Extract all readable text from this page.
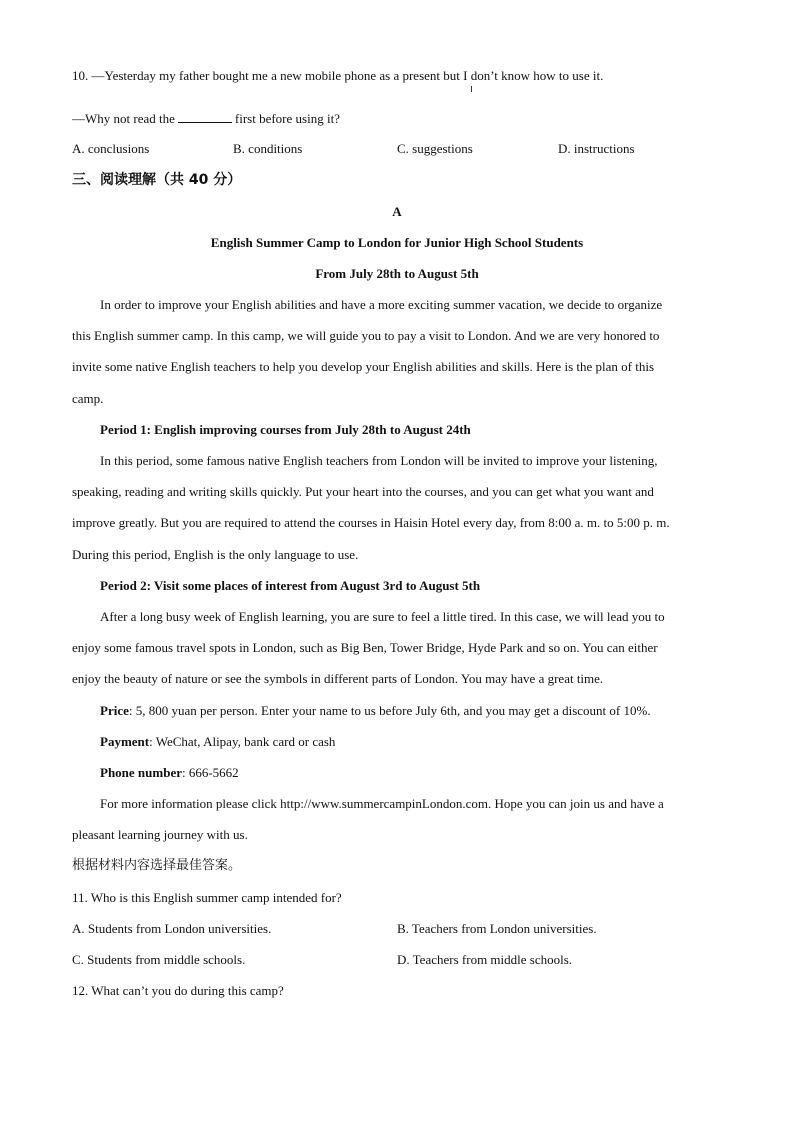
10. —Yesterday my father bought me a new mobile phone as a present but I don’t know how to use it.
—Why not read the	first before using it?
A. conclusions	B. conditions	C. suggestions	D. instructions
三、阅读理解（共 40 分）
A
English Summer Camp to London for Junior High School Students
From July 28th to August 5th
In order to improve your English abilities and have a more exciting summer vacation, we decide to organize
this English summer camp. In this camp, we will guide you to pay a visit to London. And we are very honored to
invite some native English teachers to help you develop your English abilities and skills. Here is the plan of this
camp.
Period 1: English improving courses from July 28th to August 24th
In this period, some famous native English teachers from London will be invited to improve your listening,
speaking, reading and writing skills quickly. Put your heart into the courses, and you can get what you want and
improve greatly. But you are required to attend the courses in Haisin Hotel every day, from 8:00 a. m. to 5:00 p. m.
During this period, English is the only language to use.
Period 2: Visit some places of interest from August 3rd to August 5th
After a long busy week of English learning, you are sure to feel a little tired. In this case, we will lead you to
enjoy some famous travel spots in London, such as Big Ben, Tower Bridge, Hyde Park and so on. You can either
enjoy the beauty of nature or see the symbols in different parts of London. You may have a great time.
Price: 5, 800 yuan per person. Enter your name to us before July 6th, and you may get a discount of 10%.
Payment: WeChat, Alipay, bank card or cash
Phone number: 666-5662
For more information please click http://www.summercampinLondon.com. Hope you can join us and have a
pleasant learning journey with us.
根据材料内容选择最佳答案。
11. Who is this English summer camp intended for?
A. Students from London universities.	B. Teachers from London universities.
C. Students from middle schools.	D. Teachers from middle schools.
12. What can’t you do during this camp?
